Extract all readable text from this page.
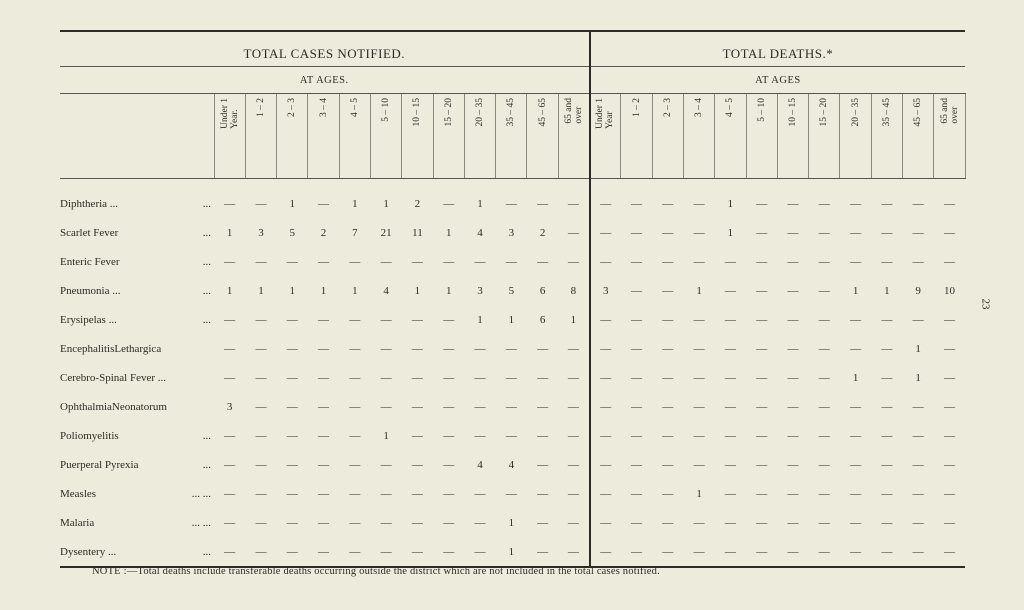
TOTAL CASES NOTIFIED.													TOTAL DEATHS.*											
AT AGES.													AT AGES											
	Under 1
Year.	1 – 2	2 – 3	3 – 4	4 – 5	5 – 10	10 – 15	15 – 20	20 – 35	35 – 45	45 – 65	65 and
over	Under 1
Year	1 – 2	2 – 3	3 – 4	4 – 5	5 – 10	10 – 15	15 – 20	20 – 35	35 – 45	45 – 65	65 and
over
Diphtheria ... ...	—	—	1	—	1	1	2	—	1	—	—	—	—	—	—	—	1	—	—	—	—	—	—	—
Scarlet Fever ...	1	3	5	2	7	21	11	1	4	3	2	—	—	—	—	—	1	—	—	—	—	—	—	—
Enteric Fever ...	—	—	—	—	—	—	—	—	—	—	—	—	—	—	—	—	—	—	—	—	—	—	—	—
Pneumonia ... ...	1	1	1	1	1	4	1	1	3	5	6	8	3	—	—	1	—	—	—	—	1	1	9	10
Erysipelas ... ...	—	—	—	—	—	—	—	—	1	1	6	1	—	—	—	—	—	—	—	—	—	—	—	—
EncephalitisLethargica	—	—	—	—	—	—	—	—	—	—	—	—	—	—	—	—	—	—	—	—	—	—	1	—
Cerebro-Spinal Fever ...	—	—	—	—	—	—	—	—	—	—	—	—	—	—	—	—	—	—	—	—	1	—	1	—
OphthalmiaNeonatorum	3	—	—	—	—	—	—	—	—	—	—	—	—	—	—	—	—	—	—	—	—	—	—	—
Poliomyelitis ...	—	—	—	—	—	1	—	—	—	—	—	—	—	—	—	—	—	—	—	—	—	—	—	—
Puerperal Pyrexia ...	—	—	—	—	—	—	—	—	4	4	—	—	—	—	—	—	—	—	—	—	—	—	—	—
Measles ... ...	—	—	—	—	—	—	—	—	—	—	—	—	—	—	—	1	—	—	—	—	—	—	—	—
Malaria ... ...	—	—	—	—	—	—	—	—	—	1	—	—	—	—	—	—	—	—	—	—	—	—	—	—
Dysentery ... ...	—	—	—	—	—	—	—	—	—	1	—	—	—	—	—	—	—	—	—	—	—	—	—	—
NOTE :—Total deaths include transferable deaths occurring outside the district which are not included in the total cases notified.
23
